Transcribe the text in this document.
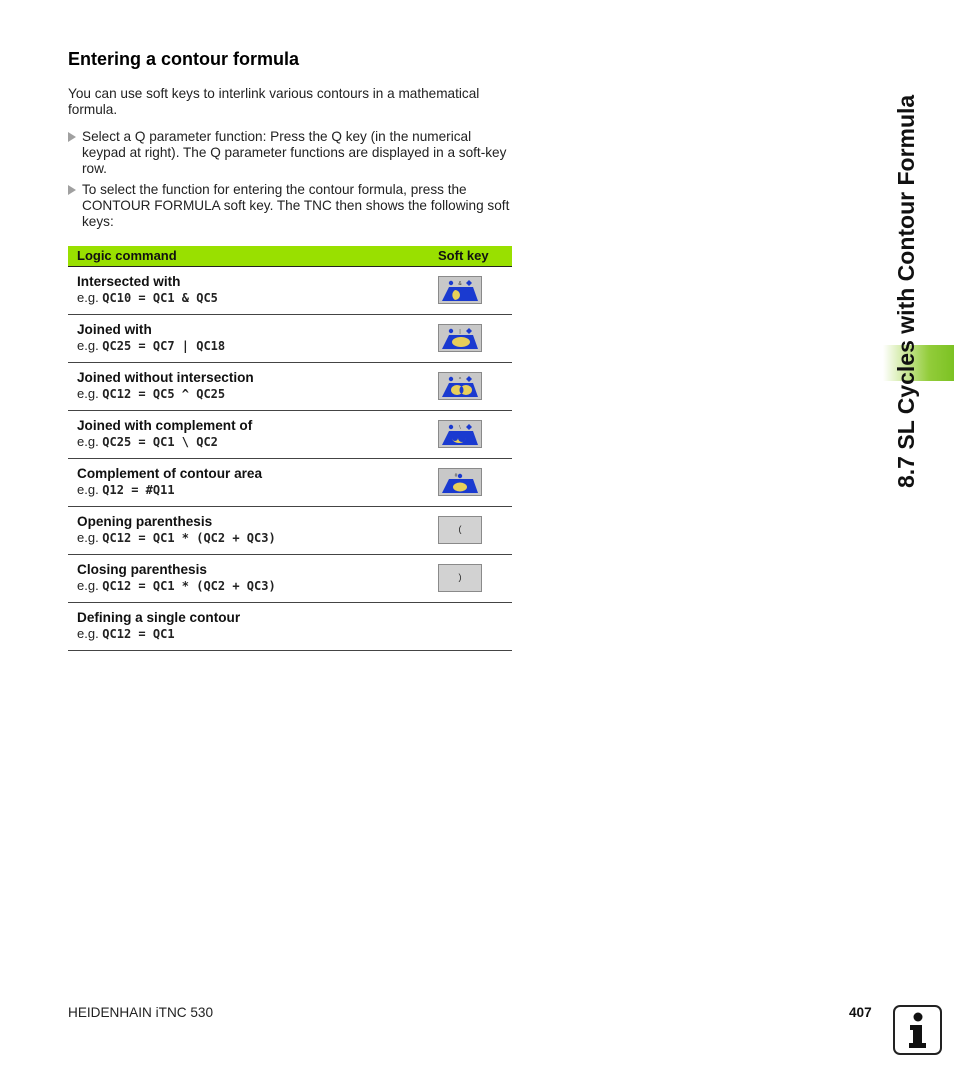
Entering a contour formula
You can use soft keys to interlink various contours in a mathematical formula.
Select a Q parameter function: Press the Q key (in the numerical keypad at right). The Q parameter functions are displayed in a soft-key row.
To select the function for entering the contour formula, press the CONTOUR FORMULA soft key. The TNC then shows the following soft keys:
Logic command	Soft key
Intersected with
e.g. QC10 = QC1 & QC5
&
Joined with
e.g. QC25 = QC7 | QC18
|
Joined without intersection
e.g. QC12 = QC5 ^ QC25
^
Joined with complement of
e.g. QC25 = QC1 \ QC2
\
Complement of contour area
e.g. Q12 = #Q11
#
Opening parenthesis
e.g. QC12 = QC1 * (QC2 + QC3)
(
Closing parenthesis
e.g. QC12 = QC1 * (QC2 + QC3)
)
Defining a single contour
e.g. QC12 = QC1
8.7 SL Cycles with Contour Formula
HEIDENHAIN iTNC 530	407
